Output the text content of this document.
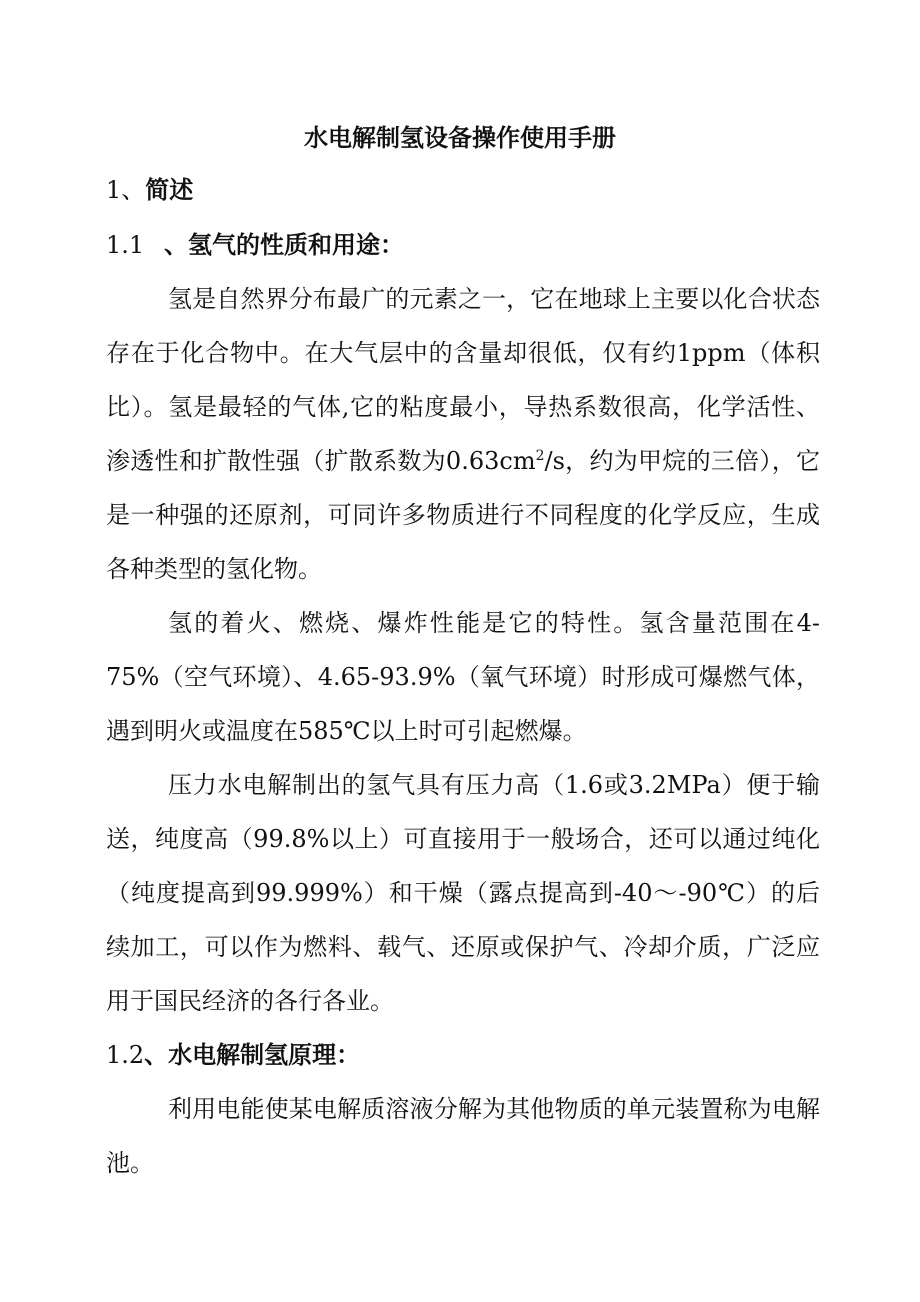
水电解制氢设备操作使用手册
1、简述
1.1 、氢气的性质和用途：
氢是自然界分布最广的元素之一，它在地球上主要以化合状态存在于化合物中。在大气层中的含量却很低，仅有约1ppm（体积比）。氢是最轻的气体,它的粘度最小，导热系数很高，化学活性、渗透性和扩散性强（扩散系数为$0.63cm^2/s$，约为甲烷的三倍），它是一种强的还原剂，可同许多物质进行不同程度的化学反应，生成各种类型的氢化物。
氢的着火、燃烧、爆炸性能是它的特性。氢含量范围在4-75%（空气环境）、4.65-93.9%（氧气环境）时形成可爆燃气体，遇到明火或温度在585℃以上时可引起燃爆。
压力水电解制出的氢气具有压力高（1.6或3.2MPa）便于输送，纯度高（99.8%以上）可直接用于一般场合，还可以通过纯化（纯度提高到99.999%）和干燥（露点提高到-40～-90℃）的后续加工，可以作为燃料、载气、还原或保护气、冷却介质，广泛应用于国民经济的各行各业。
1.2、水电解制氢原理：
利用电能使某电解质溶液分解为其他物质的单元装置称为电解池。
